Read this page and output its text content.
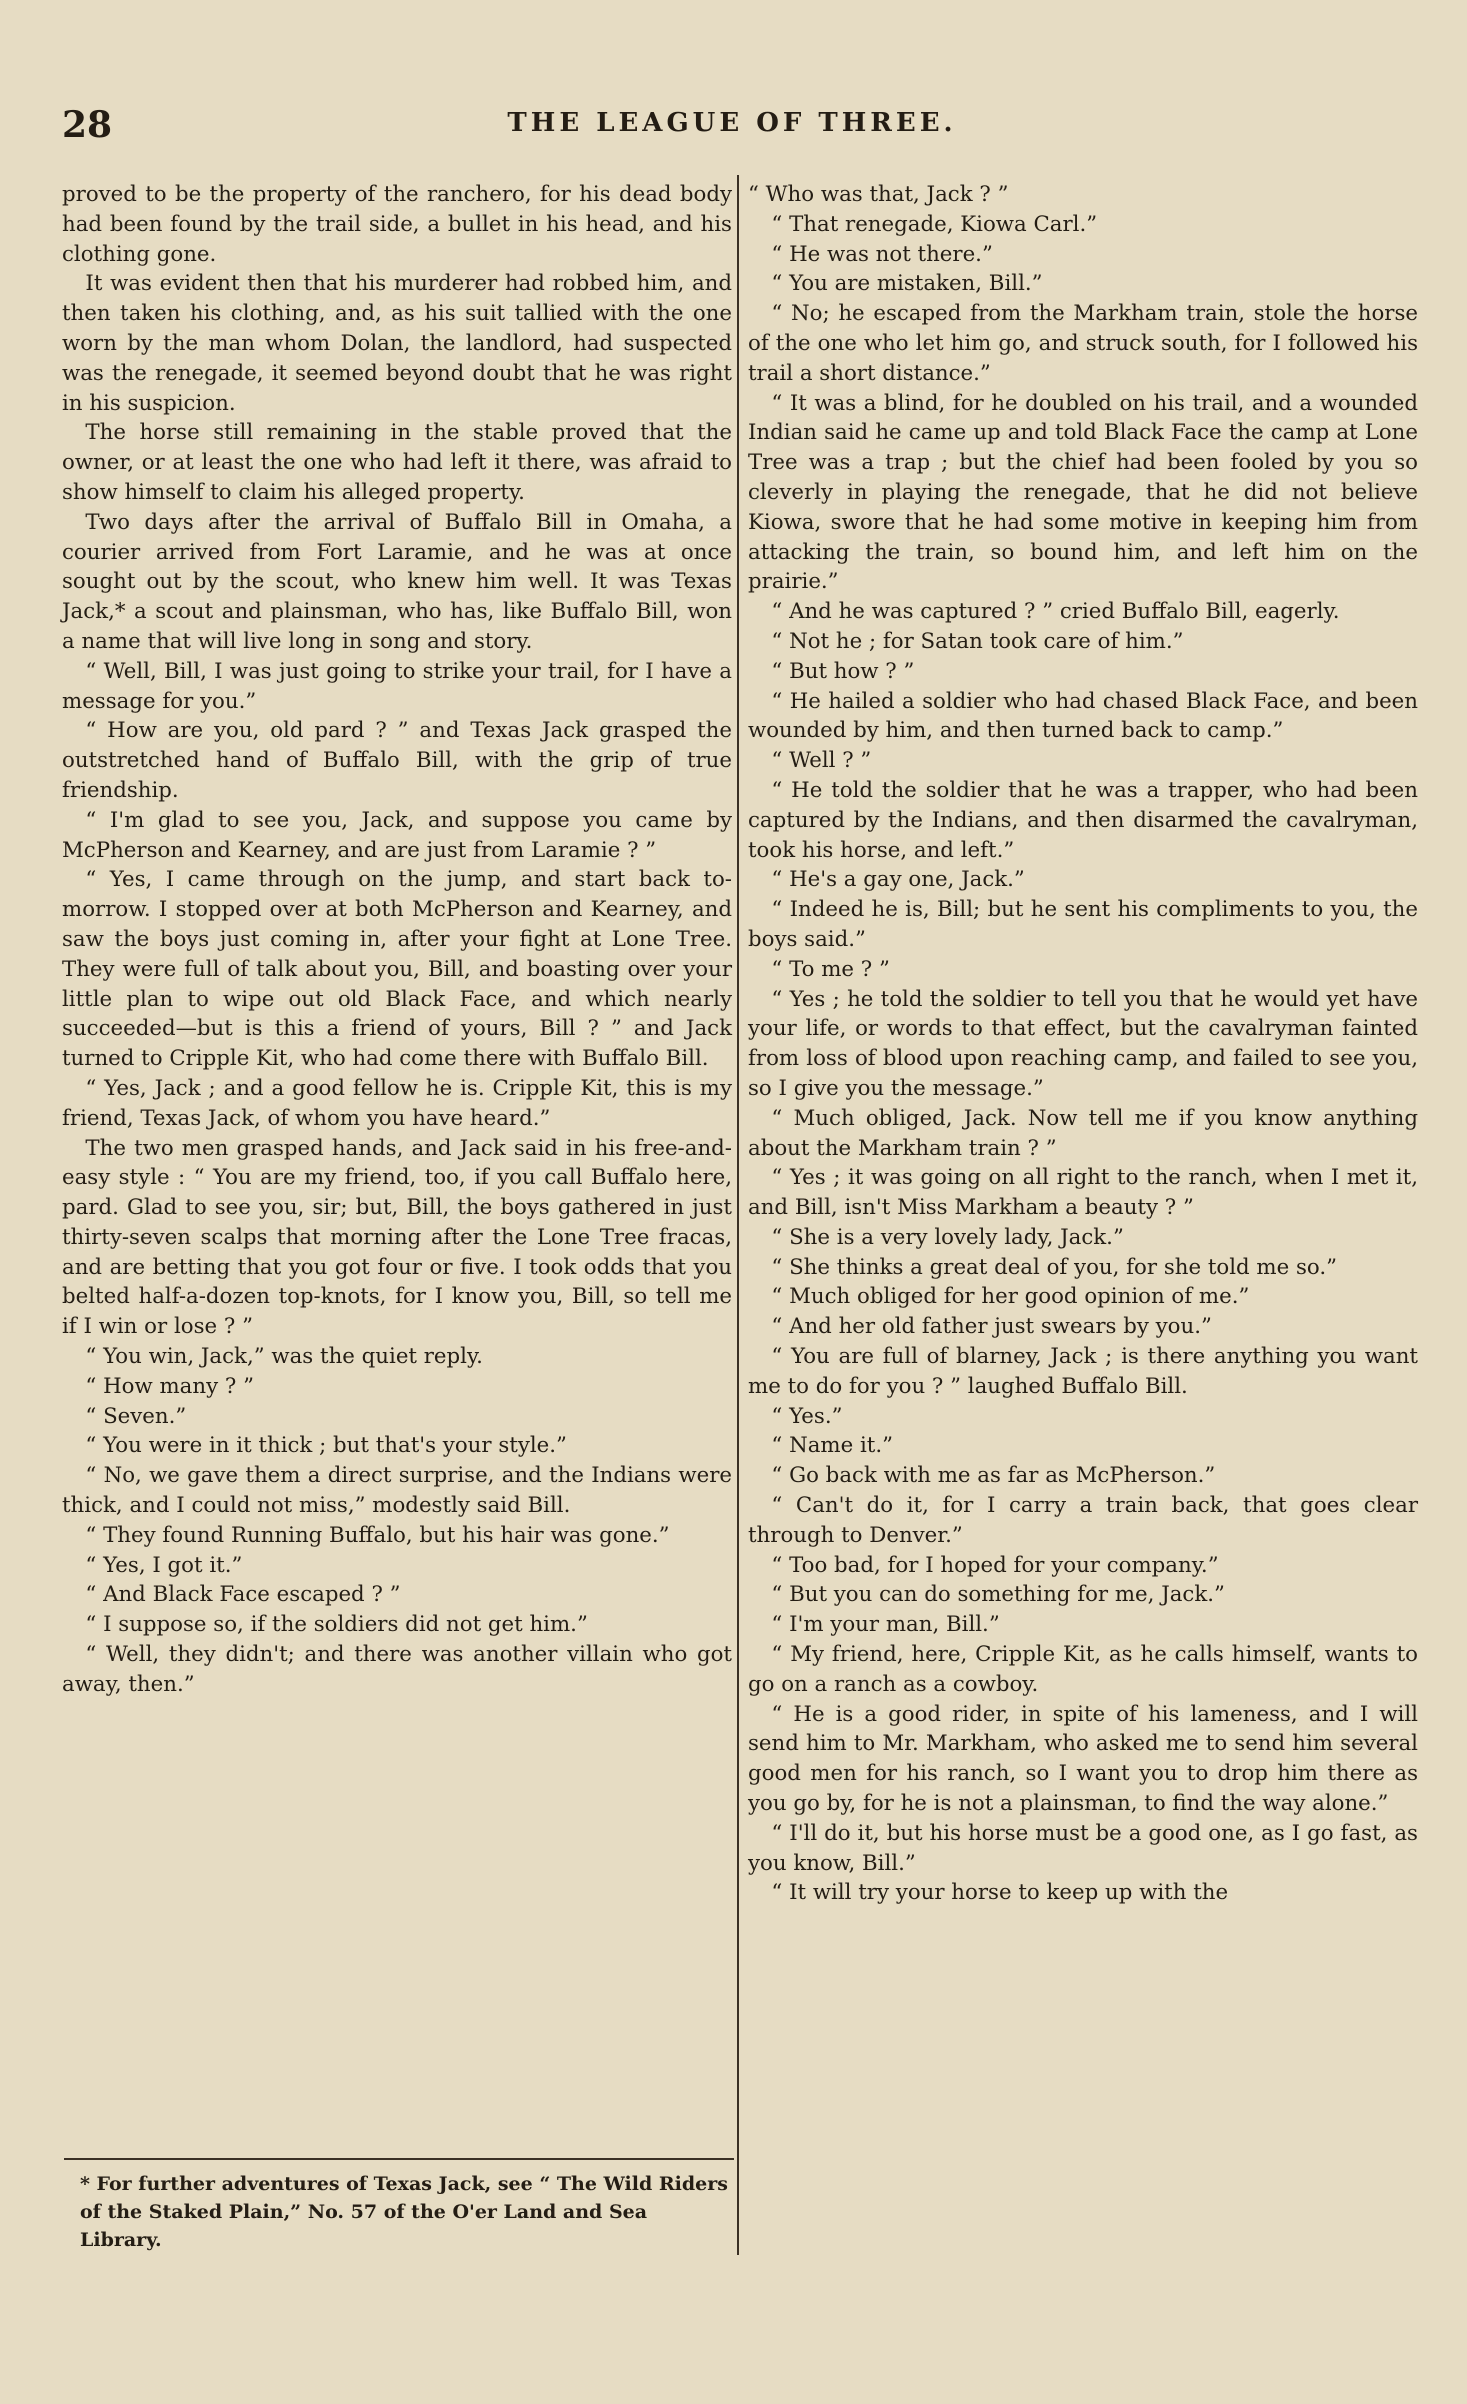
28	THE LEAGUE OF THREE.

proved to be the property of the ranchero, for his dead body had been found by the trail side, a bullet in his head, and his clothing gone.

It was evident then that his murderer had robbed him, and then taken his clothing, and, as his suit tallied with the one worn by the man whom Dolan, the landlord, had suspected was the renegade, it seemed beyond doubt that he was right in his suspicion.

The horse still remaining in the stable proved that the owner, or at least the one who had left it there, was afraid to show himself to claim his alleged property.

Two days after the arrival of Buffalo Bill in Omaha, a courier arrived from Fort Laramie, and he was at once sought out by the scout, who knew him well. It was Texas Jack,* a scout and plainsman, who has, like Buffalo Bill, won a name that will live long in song and story.

“ Well, Bill, I was just going to strike your trail, for I have a message for you.”

“ How are you, old pard ? ” and Texas Jack grasped the outstretched hand of Buffalo Bill, with the grip of true friendship.

“ I'm glad to see you, Jack, and suppose you came by McPherson and Kearney, and are just from Laramie ? ”

“ Yes, I came through on the jump, and start back to-morrow. I stopped over at both McPherson and Kearney, and saw the boys just coming in, after your fight at Lone Tree. They were full of talk about you, Bill, and boasting over your little plan to wipe out old Black Face, and which nearly succeeded—but is this a friend of yours, Bill ? ” and Jack turned to Cripple Kit, who had come there with Buffalo Bill.

“ Yes, Jack ; and a good fellow he is. Cripple Kit, this is my friend, Texas Jack, of whom you have heard.”

The two men grasped hands, and Jack said in his free-and-easy style : “ You are my friend, too, if you call Buffalo here, pard. Glad to see you, sir; but, Bill, the boys gathered in just thirty-seven scalps that morning after the Lone Tree fracas, and are betting that you got four or five. I took odds that you belted half-a-dozen top-knots, for I know you, Bill, so tell me if I win or lose ? ”

“ You win, Jack,” was the quiet reply.

“ How many ? ”

“ Seven.”

“ You were in it thick ; but that's your style.”

“ No, we gave them a direct surprise, and the Indians were thick, and I could not miss,” modestly said Bill.

“ They found Running Buffalo, but his hair was gone.”

“ Yes, I got it.”

“ And Black Face escaped ? ”

“ I suppose so, if the soldiers did not get him.”

“ Well, they didn't; and there was another villain who got away, then.”

“ Who was that, Jack ? ”

“ That renegade, Kiowa Carl.”

“ He was not there.”

“ You are mistaken, Bill.”

“ No; he escaped from the Markham train, stole the horse of the one who let him go, and struck south, for I followed his trail a short distance.”

“ It was a blind, for he doubled on his trail, and a wounded Indian said he came up and told Black Face the camp at Lone Tree was a trap ; but the chief had been fooled by you so cleverly in playing the renegade, that he did not believe Kiowa, swore that he had some motive in keeping him from attacking the train, so bound him, and left him on the prairie.”

“ And he was captured ? ” cried Buffalo Bill, eagerly.

“ Not he ; for Satan took care of him.”

“ But how ? ”

“ He hailed a soldier who had chased Black Face, and been wounded by him, and then turned back to camp.”

“ Well ? ”

“ He told the soldier that he was a trapper, who had been captured by the Indians, and then disarmed the cavalryman, took his horse, and left.”

“ He's a gay one, Jack.”

“ Indeed he is, Bill; but he sent his compliments to you, the boys said.”

“ To me ? ”

“ Yes ; he told the soldier to tell you that he would yet have your life, or words to that effect, but the cavalryman fainted from loss of blood upon reaching camp, and failed to see you, so I give you the message.”

“ Much obliged, Jack. Now tell me if you know anything about the Markham train ? ”

“ Yes ; it was going on all right to the ranch, when I met it, and Bill, isn't Miss Markham a beauty ? ”

“ She is a very lovely lady, Jack.”

“ She thinks a great deal of you, for she told me so.”

“ Much obliged for her good opinion of me.”

“ And her old father just swears by you.”

“ You are full of blarney, Jack ; is there anything you want me to do for you ? ” laughed Buffalo Bill.

“ Yes.”

“ Name it.”

“ Go back with me as far as McPherson.”

“ Can't do it, for I carry a train back, that goes clear through to Denver.”

“ Too bad, for I hoped for your company.”

“ But you can do something for me, Jack.”

“ I'm your man, Bill.”

“ My friend, here, Cripple Kit, as he calls himself, wants to go on a ranch as a cowboy.

“ He is a good rider, in spite of his lameness, and I will send him to Mr. Markham, who asked me to send him several good men for his ranch, so I want you to drop him there as you go by, for he is not a plainsman, to find the way alone.”

“ I'll do it, but his horse must be a good one, as I go fast, as you know, Bill.”

“ It will try your horse to keep up with the

* For further adventures of Texas Jack, see “ The Wild Riders of the Staked Plain,” No. 57 of the O'er Land and Sea Library.
